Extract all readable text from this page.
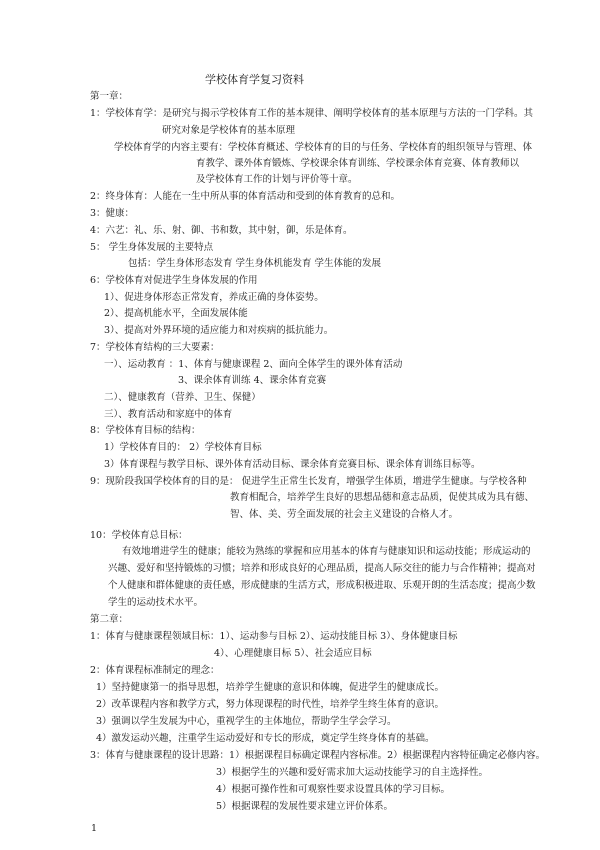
学校体育学复习资料
第一章：
1：学校体育学：是研究与揭示学校体育工作的基本规律、阐明学校体育的基本原理与方法的一门学科。其
研究对象是学校体育的基本原理
学校体育学的内容主要有：学校体育概述、学校体育的目的与任务、学校体育的组织领导与管理、体
育教学、课外体育锻炼、学校课余体育训练、学校课余体育竞赛、体育教师以
及学校体育工作的计划与评价等十章。
2：终身体育：人能在一生中所从事的体育活动和受到的体育教育的总和。
3：健康：
4：六艺：礼、乐、射、御、书和数，其中射，御，乐是体育。
5： 学生身体发展的主要特点
包括：学生身体形态发育 学生身体机能发育 学生体能的发展
6：学校体育对促进学生身体发展的作用
1）、促进身体形态正常发育，养成正确的身体姿势。
2）、提高机能水平，全面发展体能
3）、提高对外界环境的适应能力和对疾病的抵抗能力。
7：学校体育结构的三大要素：
一）、运动教育 ：1、体育与健康课程 2、面向全体学生的课外体育活动
3、课余体育训练 4、课余体育竞赛
二）、健康教育（营养、卫生、保健）
三）、教育活动和家庭中的体育
8：学校体育目标的结构：
1）学校体育目的： 2）学校体育目标
3）体育课程与教学目标、课外体育活动目标、课余体育竞赛目标、课余体育训练目标等。
9：现阶段我国学校体育的目的是： 促进学生正常生长发育，增强学生体质，增进学生健康。与学校各种
教育相配合，培养学生良好的思想品德和意志品质，促使其成为具有德、
智、体、美、劳全面发展的社会主义建设的合格人才。
10：学校体育总目标：
有效地增进学生的健康；能较为熟练的掌握和应用基本的体育与健康知识和运动技能；形成运动的
兴趣、爱好和坚持锻炼的习惯；培养和形成良好的心理品质，提高人际交往的能力与合作精神；提高对
个人健康和群体健康的责任感，形成健康的生活方式，形成积极进取、乐观开朗的生活态度；提高少数
学生的运动技术水平。
第二章：
1：体育与健康课程领域目标：1）、运动参与目标 2）、运动技能目标 3）、身体健康目标
4）、心理健康目标 5）、社会适应目标
2：体育课程标准制定的理念：
1）坚持健康第一的指导思想，培养学生健康的意识和体魄，促进学生的健康成长。
2）改革课程内容和教学方式，努力体现课程的时代性，培养学生终生体育的意识。
3）强调以学生发展为中心，重视学生的主体地位，帮助学生学会学习。
4）激发运动兴趣，注重学生运动爱好和专长的形成，奠定学生终身体育的基础。
3：体育与健康课程的设计思路：1）根据课程目标确定课程内容标准。2）根据课程内容特征确定必修内容。
3）根据学生的兴趣和爱好需求加大运动技能学习的自主选择性。
4）根据可操作性和可观察性要求设置具体的学习目标。
5）根据课程的发展性要求建立评价体系。
1
